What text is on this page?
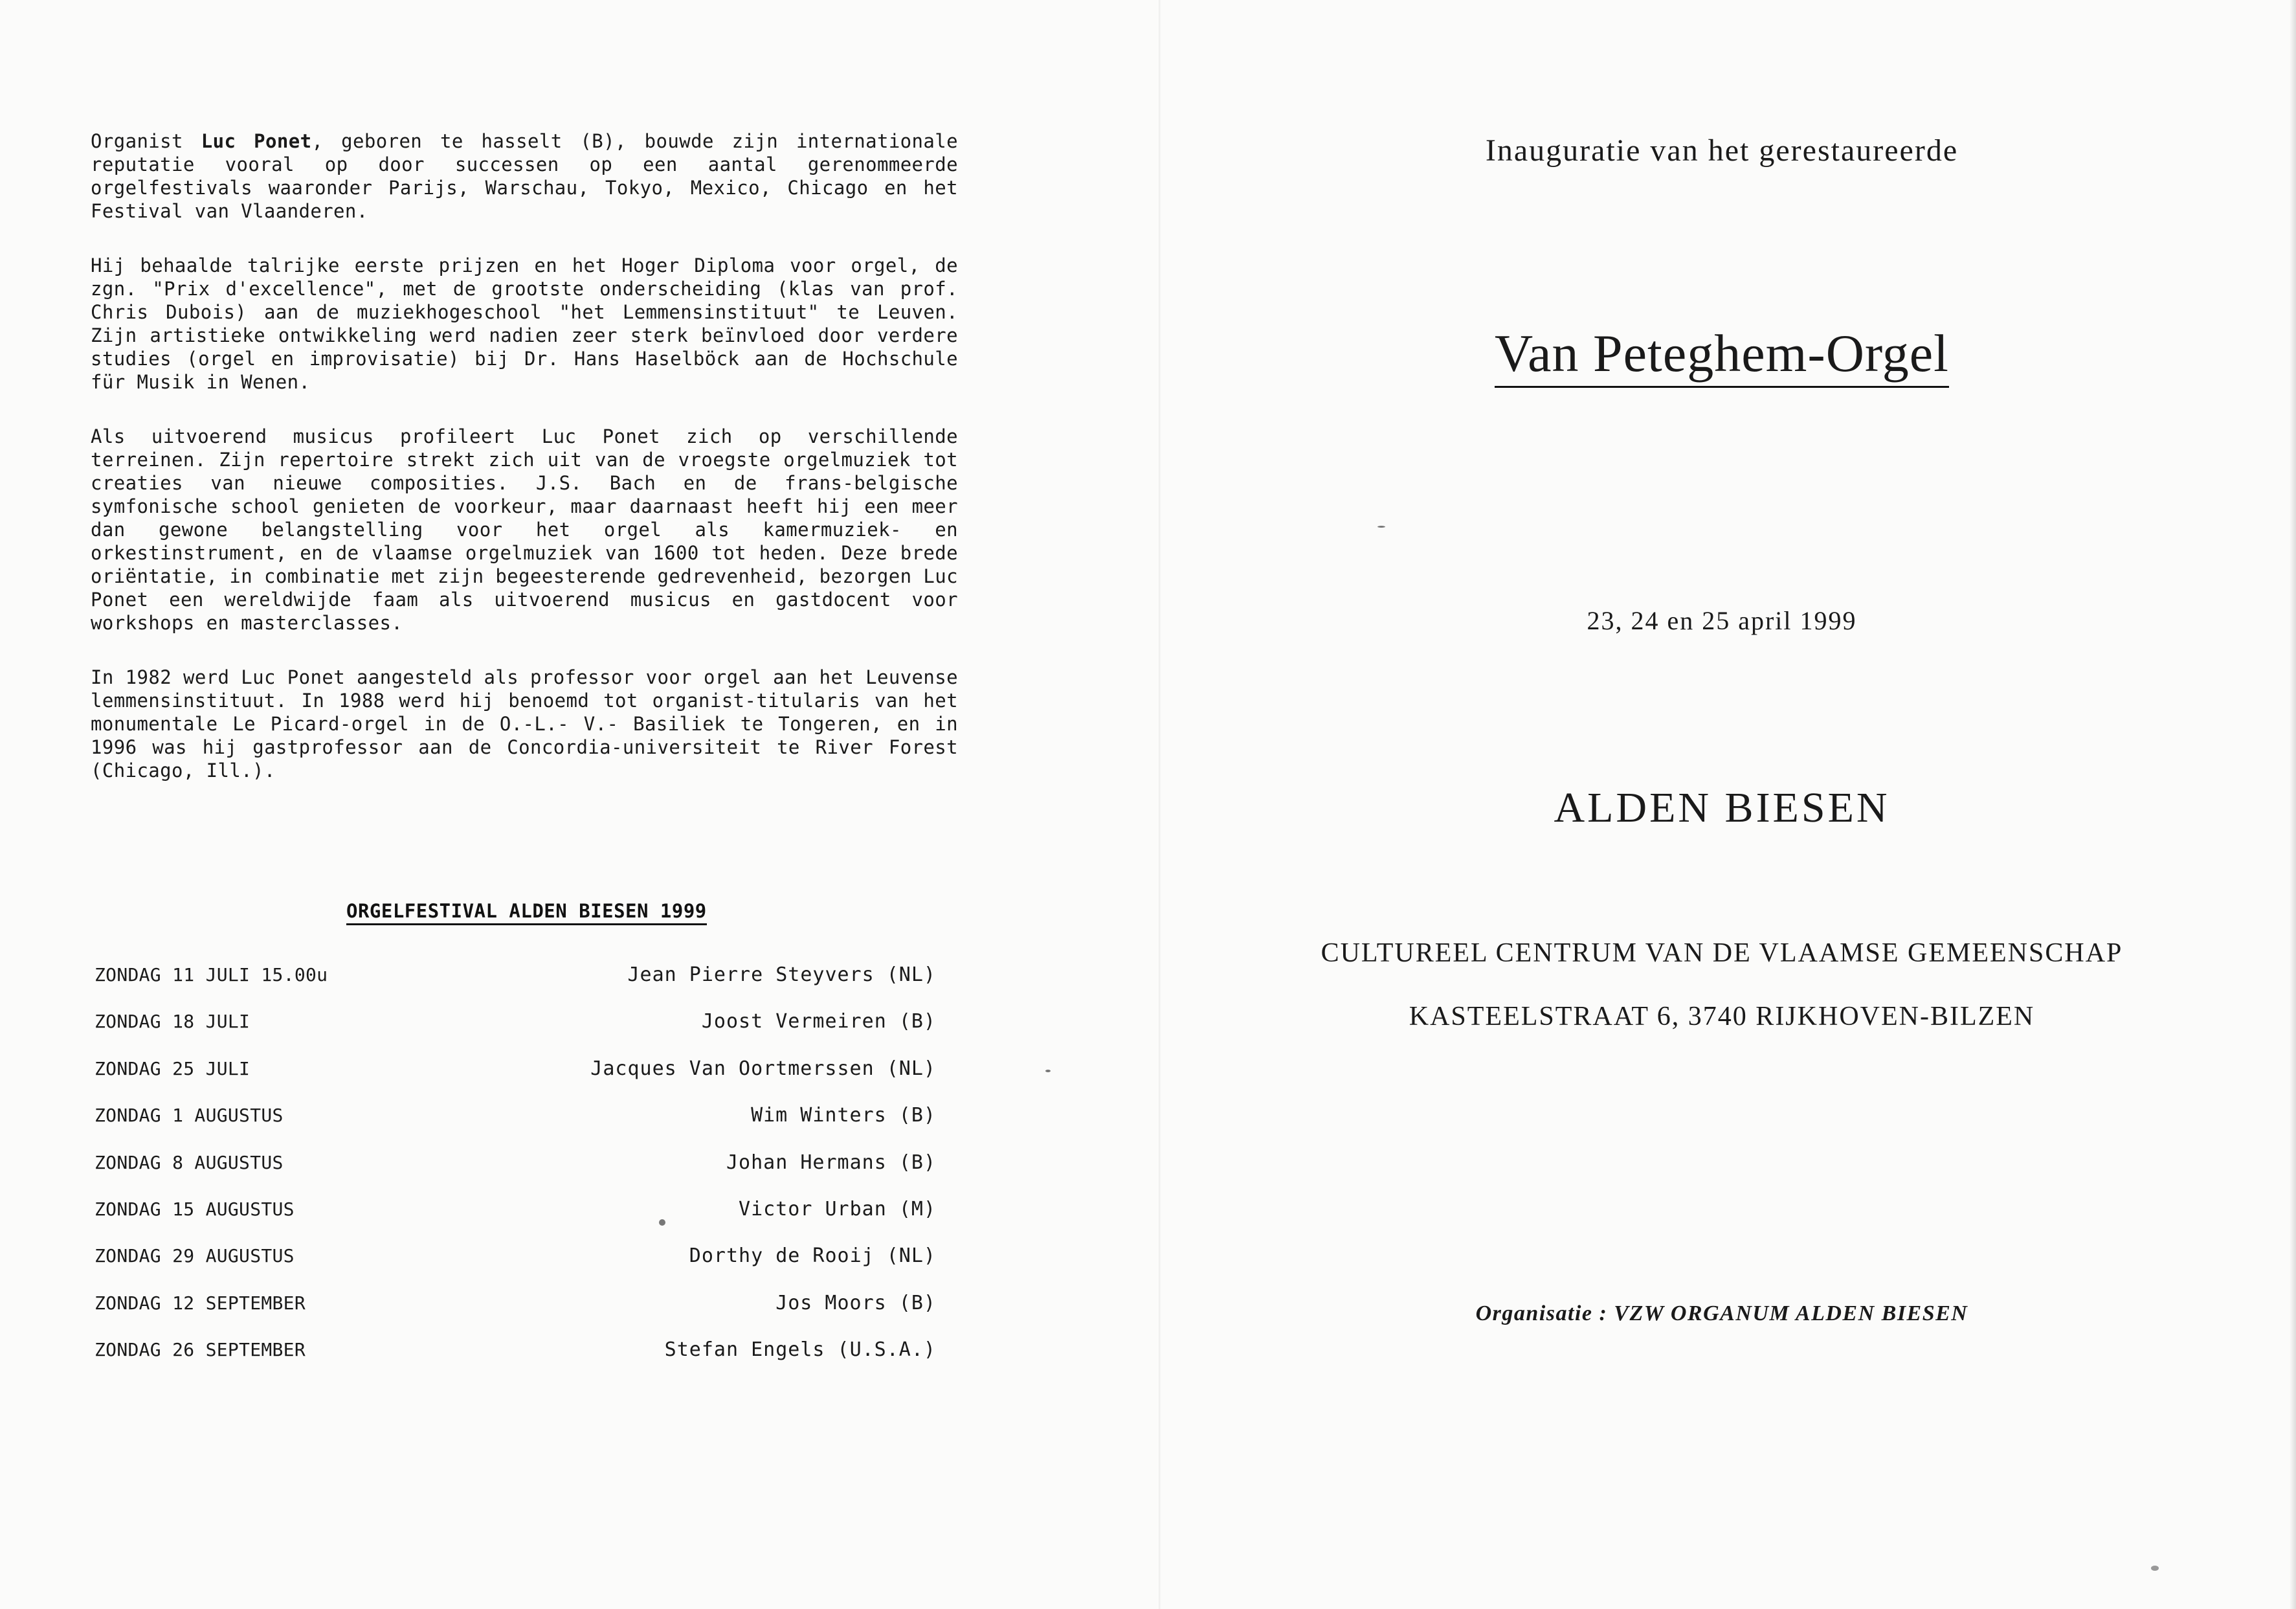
Organist Luc Ponet, geboren te hasselt (B), bouwde zijn internationale reputatie vooral op door successen op een aantal gerenommeerde orgelfestivals waaronder Parijs, Warschau, Tokyo, Mexico, Chicago en het Festival van Vlaanderen.

Hij behaalde talrijke eerste prijzen en het Hoger Diploma voor orgel, de zgn. "Prix d'excellence", met de grootste onderscheiding (klas van prof. Chris Dubois) aan de muziekhogeschool "het Lemmensinstituut" te Leuven. Zijn artistieke ontwikkeling werd nadien zeer sterk beïnvloed door verdere studies (orgel en improvisatie) bij Dr. Hans Haselböck aan de Hochschule für Musik in Wenen.

Als uitvoerend musicus profileert Luc Ponet zich op verschillende terreinen. Zijn repertoire strekt zich uit van de vroegste orgelmuziek tot creaties van nieuwe composities. J.S. Bach en de frans-belgische symfonische school genieten de voorkeur, maar daarnaast heeft hij een meer dan gewone belangstelling voor het orgel als kamermuziek- en orkestinstrument, en de vlaamse orgelmuziek van 1600 tot heden. Deze brede oriëntatie, in combinatie met zijn begeesterende gedrevenheid, bezorgen Luc Ponet een wereldwijde faam als uitvoerend musicus en gastdocent voor workshops en masterclasses.

In 1982 werd Luc Ponet aangesteld als professor voor orgel aan het Leuvense lemmensinstituut. In 1988 werd hij benoemd tot organist-titularis van het monumentale Le Picard-orgel in de O.-L.- V.- Basiliek te Tongeren, en in 1996 was hij gastprofessor aan de Concordia-universiteit te River Forest (Chicago, Ill.).

ORGELFESTIVAL ALDEN BIESEN 1999
ZONDAG 11 JULI 15.00u	Jean Pierre Steyvers (NL)
ZONDAG 18 JULI	Joost Vermeiren (B)
ZONDAG 25 JULI	Jacques Van Oortmerssen (NL)
ZONDAG 1 AUGUSTUS	Wim Winters (B)
ZONDAG 8 AUGUSTUS	Johan Hermans (B)
ZONDAG 15 AUGUSTUS	Victor Urban (M)
ZONDAG 29 AUGUSTUS	Dorthy de Rooij (NL)
ZONDAG 12 SEPTEMBER	Jos Moors (B)
ZONDAG 26 SEPTEMBER	Stefan Engels (U.S.A.)
Inauguratie van het gerestaureerde
Van Peteghem-Orgel
23, 24 en 25 april 1999
ALDEN BIESEN
CULTUREEL CENTRUM VAN DE VLAAMSE GEMEENSCHAP
KASTEELSTRAAT 6, 3740 RIJKHOVEN-BILZEN
Organisatie : VZW ORGANUM ALDEN BIESEN
